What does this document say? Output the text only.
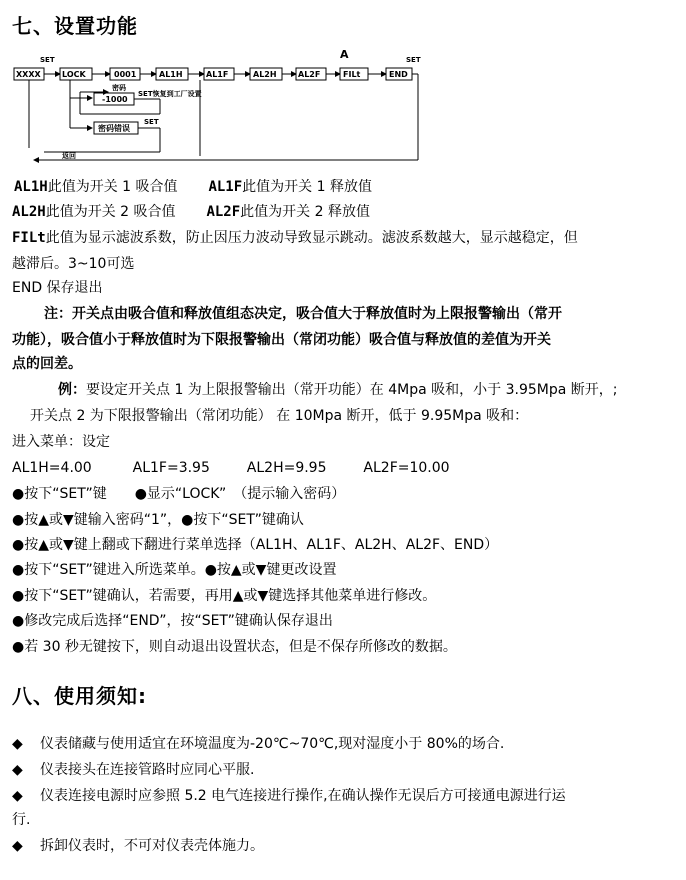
七、设置功能
SET	SET
A
XXXX	LOCK	0001	AL1H	AL1F	AL2H	AL2F	FILt	END
密码
-1000
SET恢复到工厂设置
密码错误
SET
返回
AL1H此值为开关 1 吸合值 AL1F此值为开关 1 释放值
AL2H此值为开关 2 吸合值 AL2F此值为开关 2 释放值
FILt此值为显示滤波系数，防止因压力波动导致显示跳动。滤波系数越大，显示越稳定，但
越滞后。3~10可选
END 保存退出
注：开关点由吸合值和释放值组态决定，吸合值大于释放值时为上限报警输出（常开
功能），吸合值小于释放值时为下限报警输出（常闭功能）吸合值与释放值的差值为开关
点的回差。
例：要设定开关点 1 为上限报警输出（常开功能）在 4Mpa 吸和，小于 3.95Mpa 断开，;
开关点 2 为下限报警输出（常闭功能） 在 10Mpa 断开，低于 9.95Mpa 吸和：
进入菜单：设定
AL1H=4.00	AL1F=3.95	AL2H=9.95	AL2F=10.00
●按下“SET”键　　●显示“LOCK”　（提示输入密码）
●按▲或▼键输入密码“1”，●按下“SET”键确认
●按▲或▼键上翻或下翻进行菜单选择（AL1H、AL1F、AL2H、AL2F、END）
●按下“SET”键进入所选菜单。●按▲或▼键更改设置
●按下“SET”键确认，若需要，再用▲或▼键选择其他菜单进行修改。
●修改完成后选择“END”，按“SET”键确认保存退出
●若 30 秒无键按下，则自动退出设置状态，但是不保存所修改的数据。
八、使用须知:
◆ 仪表储藏与使用适宜在环境温度为-20℃~70℃,现对湿度小于 80%的场合.
◆ 仪表接头在连接管路时应同心平服.
◆ 仪表连接电源时应参照 5.2 电气连接进行操作,在确认操作无误后方可接通电源进行运
行.
◆ 拆卸仪表时，不可对仪表壳体施力。
